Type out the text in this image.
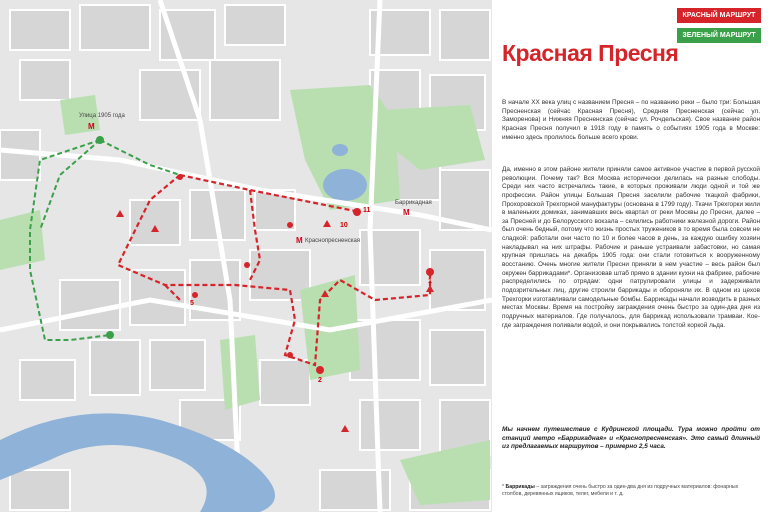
Улица 1905 года
M
Баррикадная
M
Краснопресненская
M
1
2
5
10
11
КРАСНЫЙ МАРШРУТ
ЗЕЛЕНЫЙ МАРШРУТ
Красная Пресня
В начале XX века улиц с названием Пресня – по названию реки – было три: Большая Пресненская (сейчас Красная Пресня), Средняя Пресненская (сейчас ул. Заморенова) и Нижняя Пресненская (сейчас ул. Рочдельская). Свое название район Красная Пресня получил в 1918 году в память о событиях 1905 года в Москве: именно здесь пролилось больше всего крови.
Да, именно в этом районе жители приняли самое активное участие в первой русской революции. Почему так? Вся Москва исторически делилась на разные слободы. Среди них часто встречались такие, в которых проживали люди одной и той же профессии. Район улицы Большая Пресня заселили рабочие ткацкой фабрики, Прохоровской Трехгорной мануфактуры (основана в 1799 году). Ткачи Трехгорки жили в маленьких домиках, занимавших весь квартал от реки Москвы до Пресни, далее – за Пресней и до Белорусского вокзала – селились работники железной дороги. Район был очень бедный, потому что жизнь простых тружеников в то время была совсем не сладкой: работали они часто по 10 и более часов в день, за каждую ошибку хозяин накладывал на них штрафы. Рабочие и раньше устраивали забастовки, но самая крупная пришлась на декабрь 1905 года: они стали готовиться к вооруженному восстанию. Очень многие жители Пресни приняли в нем участие – весь район был окружен баррикадами*. Организовав штаб прямо в здании кухни на фабрике, рабочие распределились по отрядам: одни патрулировали улицы и задерживали подозрительных лиц, другие строили баррикады и обороняли их. В одном из цехов Трехгорки изготавливали самодельные бомбы. Баррикады начали возводить в разных местах Москвы. Время на постройку заграждения очень быстро за один-два дня из подручных материалов. Где получалось, для баррикад использовали трамваи. Кое-где заграждения поливали водой, и они покрывались толстой коркой льда.
Мы начнем путешествие с Кудринской площади. Тура можно пройти от станций метро «Баррикадная» и «Краснопресненская». Это самый длинный из предлагаемых маршрутов – примерно 2,5 часа.
* Баррикады – заграждения очень быстро за один-два дня из подручных материалов: фонарных столбов, деревянных ящиков, телег, мебели и т. д.
